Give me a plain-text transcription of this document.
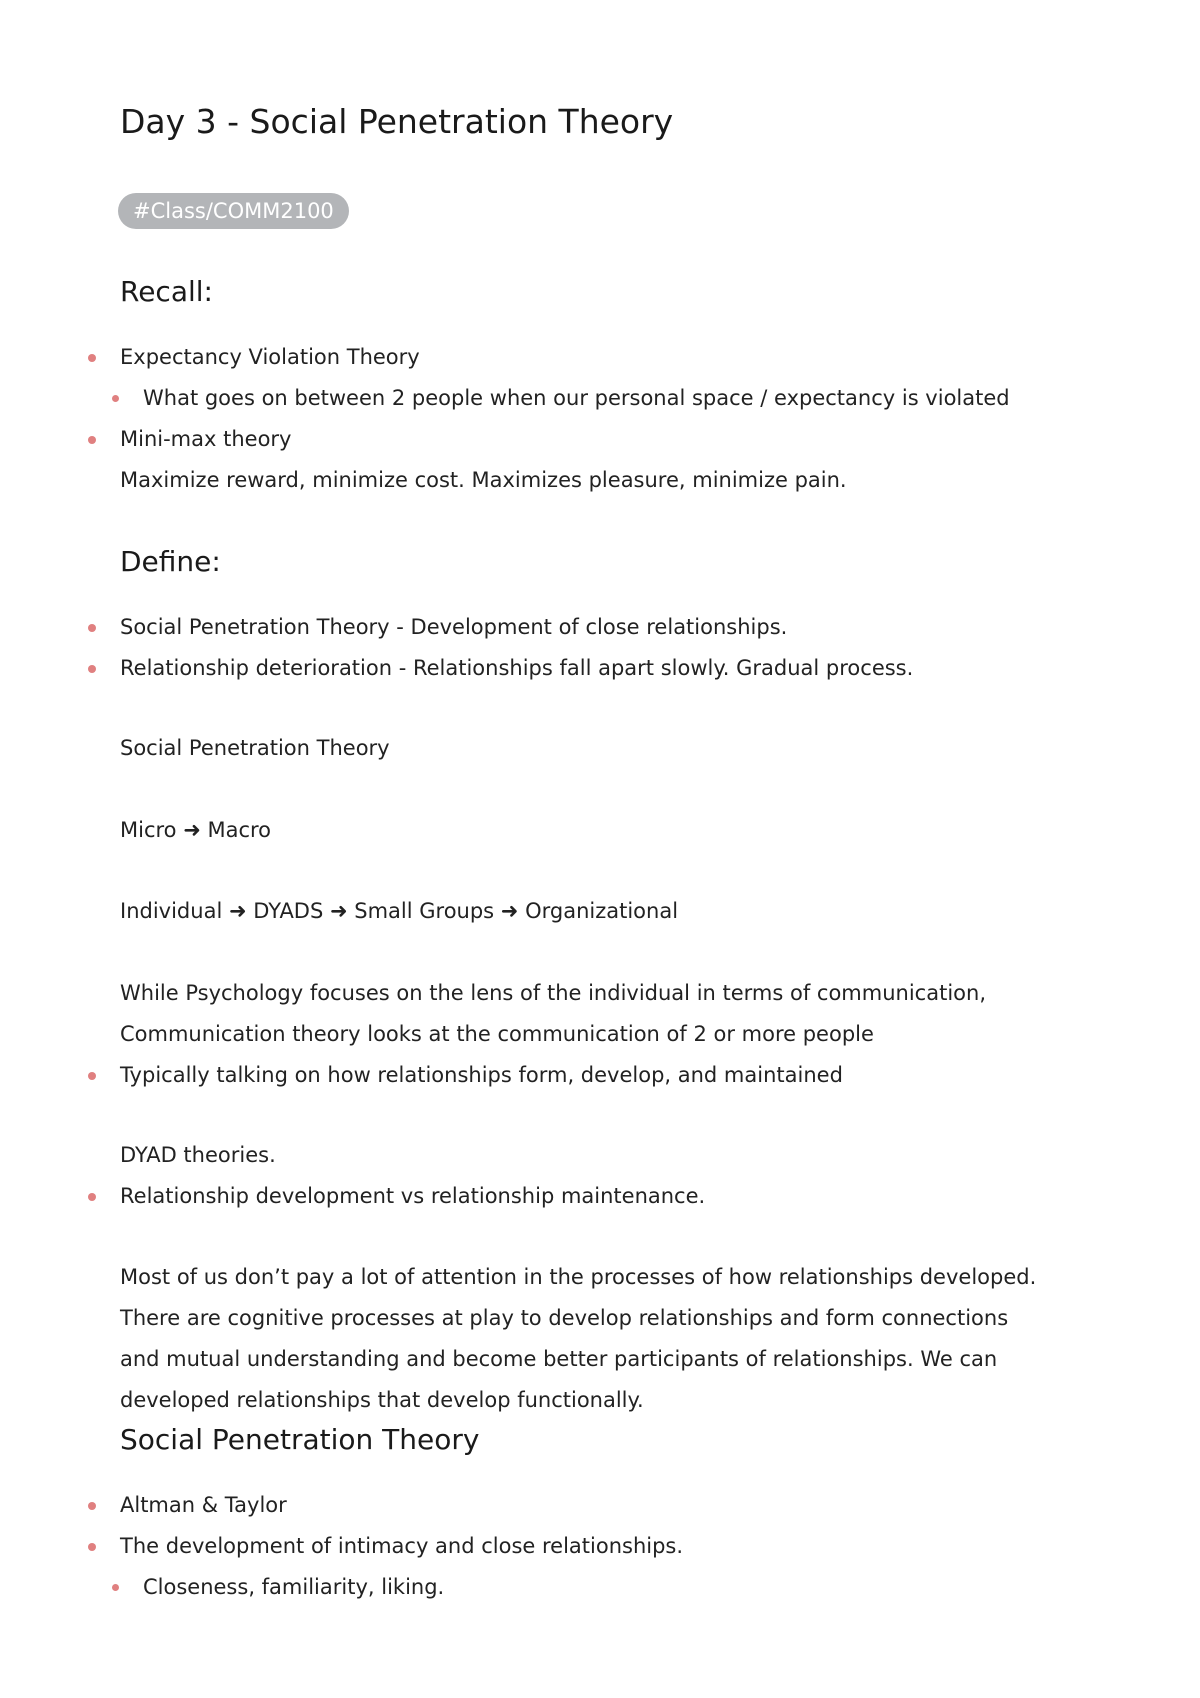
Day 3 - Social Penetration Theory
#Class/COMM2100
Recall:
Expectancy Violation Theory
What goes on between 2 people when our personal space / expectancy is violated
Mini-max theory
Maximize reward, minimize cost. Maximizes pleasure, minimize pain.
Define:
Social Penetration Theory - Development of close relationships.
Relationship deterioration - Relationships fall apart slowly. Gradual process.
Social Penetration Theory
Micro ➜ Macro
Individual ➜ DYADS ➜ Small Groups ➜ Organizational
While Psychology focuses on the lens of the individual in terms of communication,
Communication theory looks at the communication of 2 or more people
Typically talking on how relationships form, develop, and maintained
DYAD theories.
Relationship development vs relationship maintenance.
Most of us don’t pay a lot of attention in the processes of how relationships developed.
There are cognitive processes at play to develop relationships and form connections
and mutual understanding and become better participants of relationships. We can
developed relationships that develop functionally.
Social Penetration Theory
Altman & Taylor
The development of intimacy and close relationships.
Closeness, familiarity, liking.
